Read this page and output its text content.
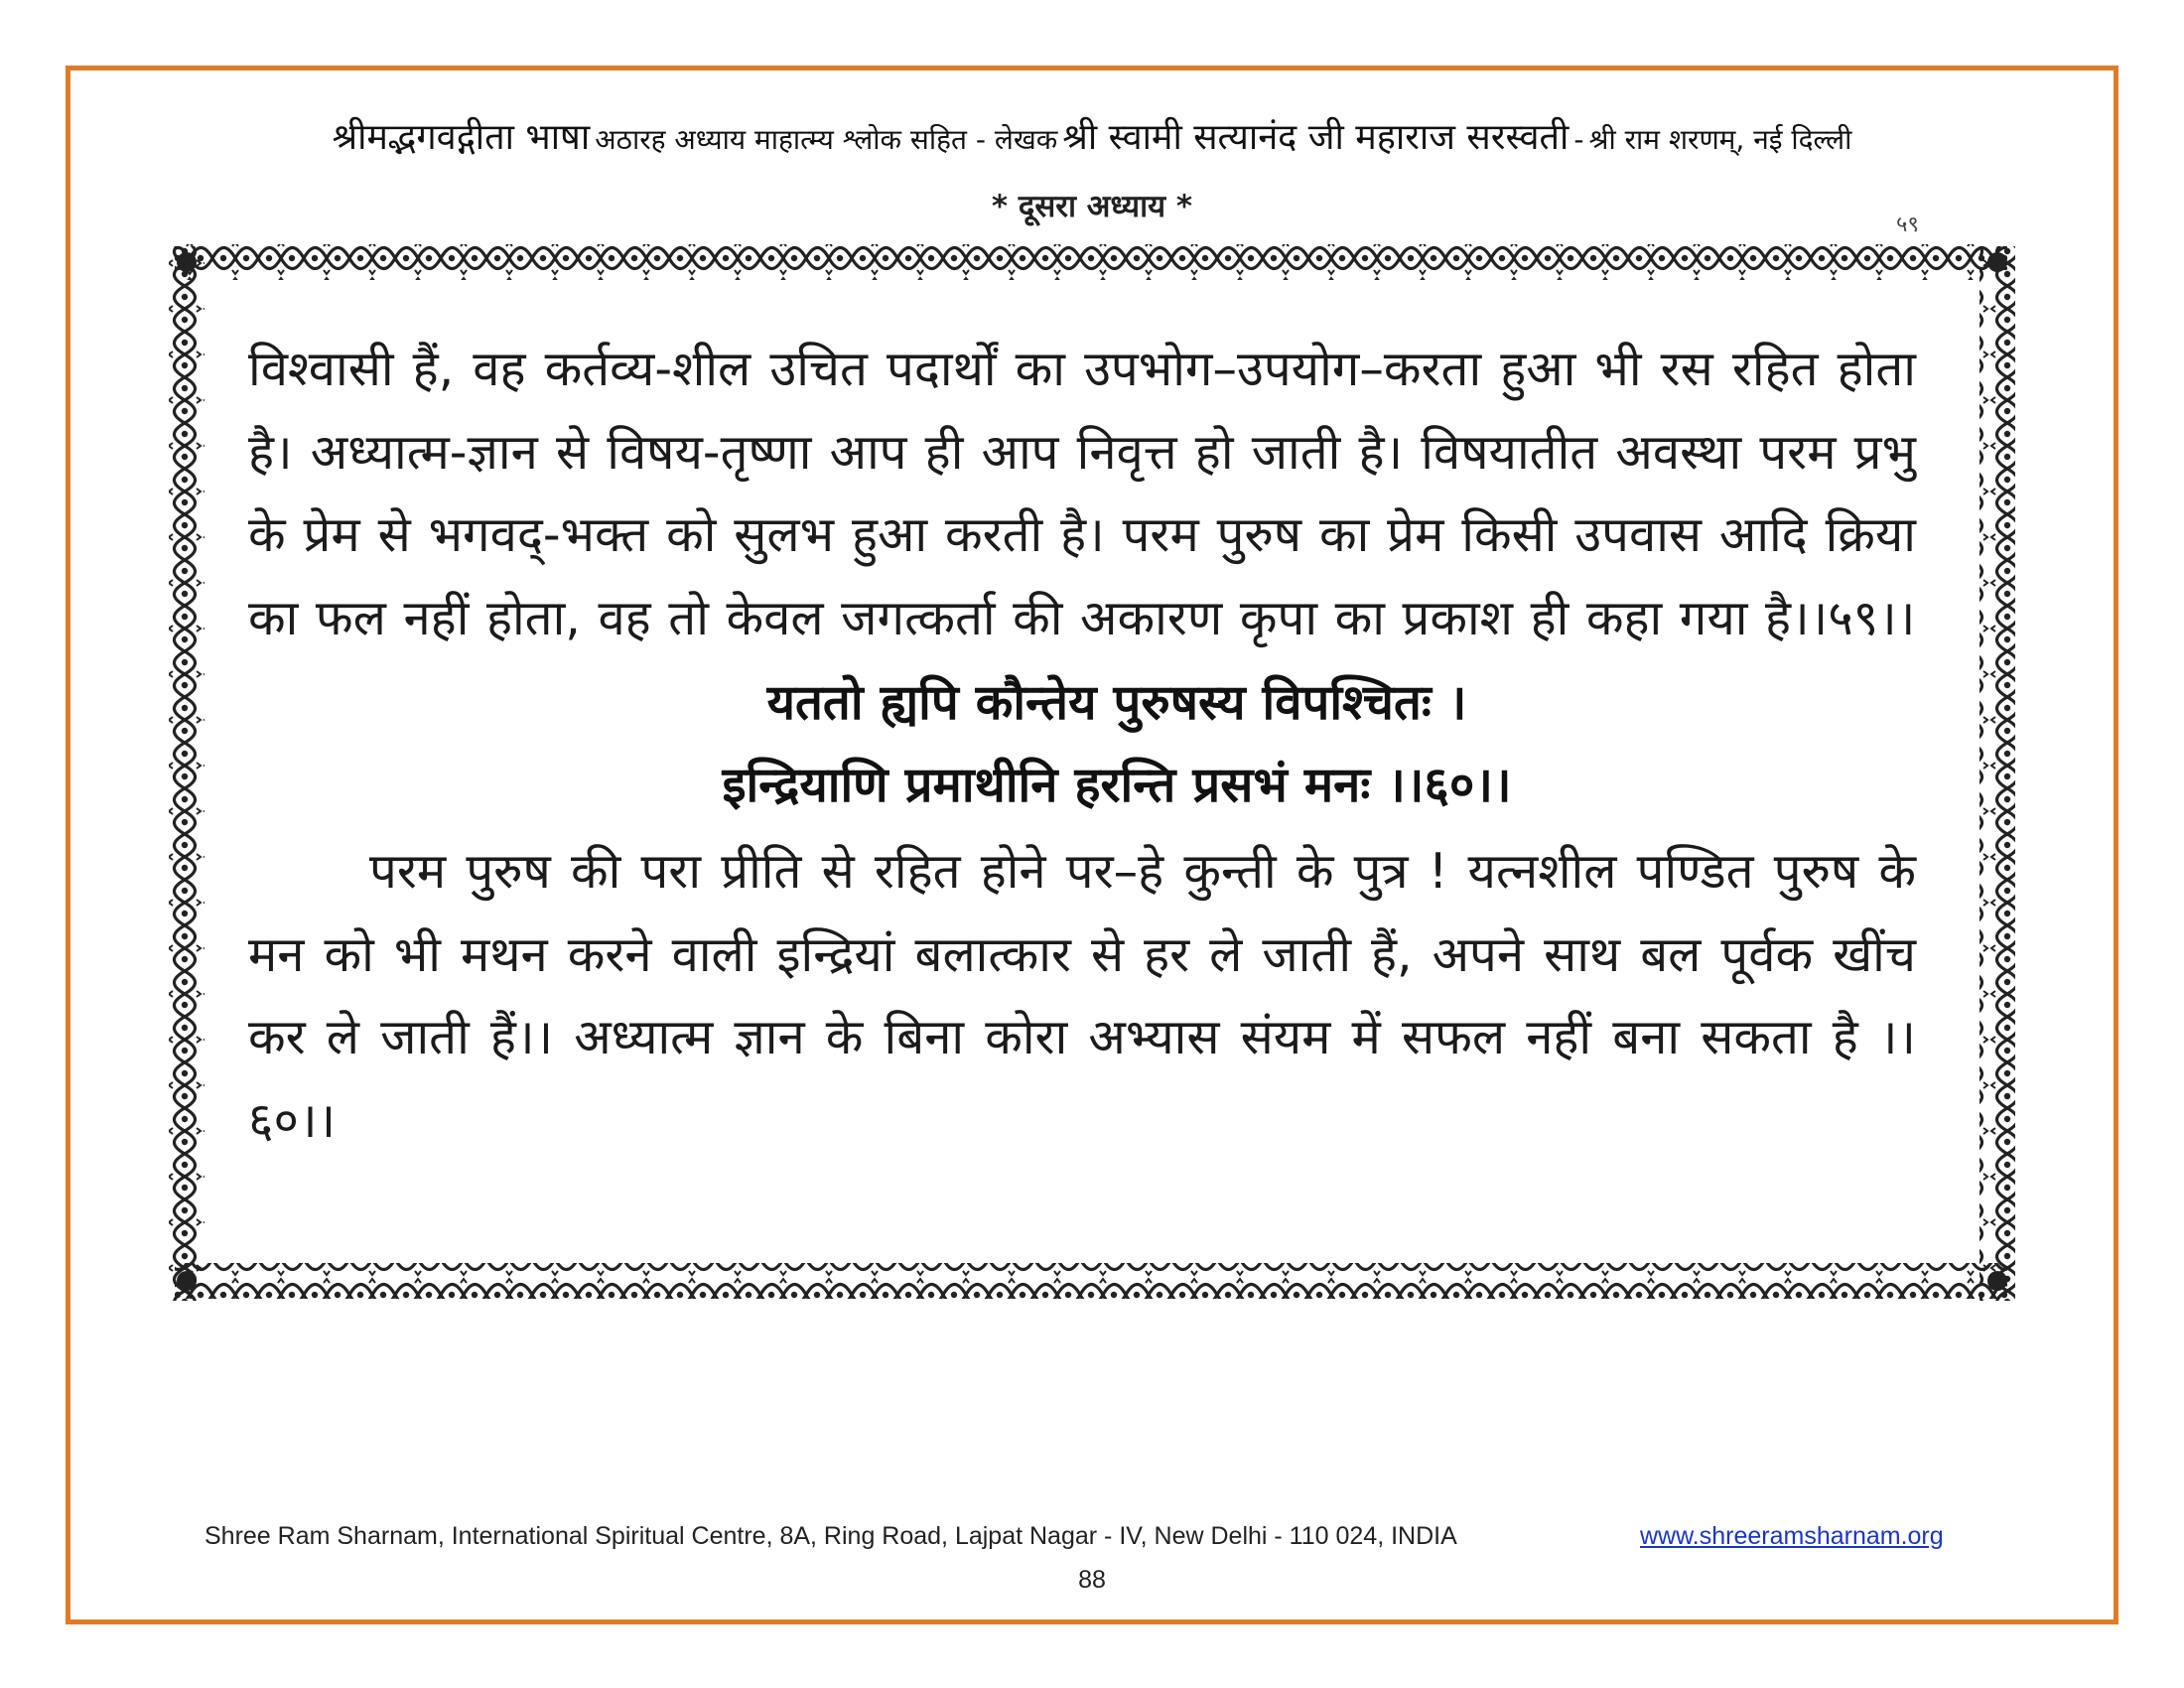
श्रीमद्भगवद्गीता भाषा अठारह अध्याय माहात्म्य श्लोक सहित - लेखक श्री स्वामी सत्यानंद जी महाराज सरस्वती - श्री राम शरणम्, नई दिल्ली
* दूसरा अध्याय *
५९

विश्वासी हैं, वह कर्तव्य-शील उचित पदार्थों का उपभोग–उपयोग–करता हुआ भी रस रहित होता है। अध्यात्म-ज्ञान से विषय-तृष्णा आप ही आप निवृत्त हो जाती है। विषयातीत अवस्था परम प्रभु के प्रेम से भगवद्-भक्त को सुलभ हुआ करती है। परम पुरुष का प्रेम किसी उपवास आदि क्रिया का फल नहीं होता, वह तो केवल जगत्कर्ता की अकारण कृपा का प्रकाश ही कहा गया है।।५९।।

यततो ह्यपि कौन्तेय पुरुषस्य विपश्चितः ।
इन्द्रियाणि प्रमाथीनि हरन्ति प्रसभं मनः ।।६०।।

परम पुरुष की परा प्रीति से रहित होने पर–हे कुन्ती के पुत्र ! यत्नशील पण्डित पुरुष के मन को भी मथन करने वाली इन्द्रियां बलात्कार से हर ले जाती हैं, अपने साथ बल पूर्वक खींच कर ले जाती हैं।। अध्यात्म ज्ञान के बिना कोरा अभ्यास संयम में सफल नहीं बना सकता है ।।६०।।

Shree Ram Sharnam, International Spiritual Centre, 8A, Ring Road, Lajpat Nagar - IV, New Delhi - 110 024, INDIA	www.shreeramsharnam.org
88
